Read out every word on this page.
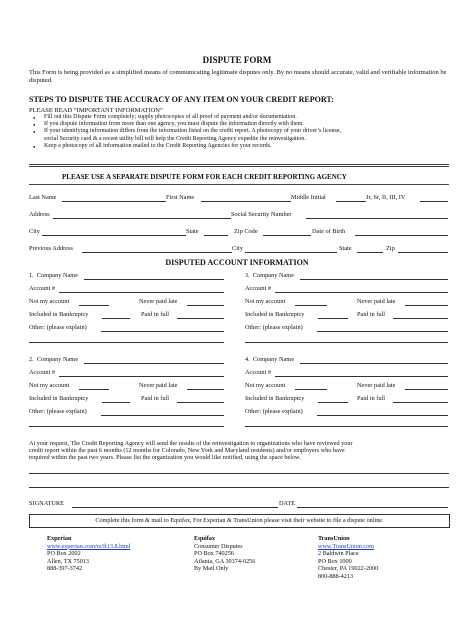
DISPUTE FORM
This Form is being provided as a simplified means of communicating legitimate disputes only. By no means should accurate, valid and verifiable information be disputed.
STEPS TO DISPUTE THE ACCURACY OF ANY ITEM ON YOUR CREDIT REPORT:
PLEASE READ “IMPORTANT INFORMATION”
● Fill out this Dispute Form completely; supply photocopies of all proof of payment and/or documentation.
● If you dispute information from more than one agency, you must dispute the information directly with them.
● If your identifying information differs from the information listed on the credit report. A photocopy of your driver’s license,
social Security card & a recent utility bill will help the Credit Reporting Agency expedite the reinvestigation.
● Keep a photocopy of all information mailed to the Credit Reporting Agencies for your records.
PLEASE USE A SEPARATE DISPUTE FORM FOR EACH CREDIT REPORTING AGENCY
Last Name	First Name	Middle Initial	Jr, Sr, II, III, IV
Address	Social Security Number
City	State	Zip Code	Date of Birth
Previous Address	City	State	Zip
DISPUTED ACCOUNT INFORMATION
1. Company Name
Account #
Not my account	Never paid late
Included in Bankruptcy	Paid in full
Other: (please explain)
3. Company Name
Account #
Not my account	Never paid late
Included in Bankruptcy	Paid in full
Other: (please explain)
2. Company Name
Account #
Not my account	Never paid late
Included in Bankruptcy	Paid in full
Other: (please explain)
4. Company Name
Account #
Not my account	Never paid late
Included in Bankruptcy	Paid in full
Other: (please explain)
At your request, The Credit Reporting Agency will send the results of the reinvestigation to organizations who have reviewed your
credit report within the past 6 months (12 months for Colorado, New York and Maryland residents) and/or employers who have
required within the past two years. Please list the organization you would like notified, using the space below.
SIGNATURE	DATE
Complete this form & mail to Equifax, For Experian & TransUnion please visit their website to file a dispute online.
Experian
www.experian.com/rs/ft13.8.html
PO Box 2002
Allen, TX 75013
888-397-3742
Equifax
Consumer Disputes
PO Box 740256
Atlanta, GA 30374-0256
By Mail Only
TransUnion
www.TransUnion.com
2 Baldwin Place
PO Box 1000
Chester, PA 19022-2000
800-888-4213
